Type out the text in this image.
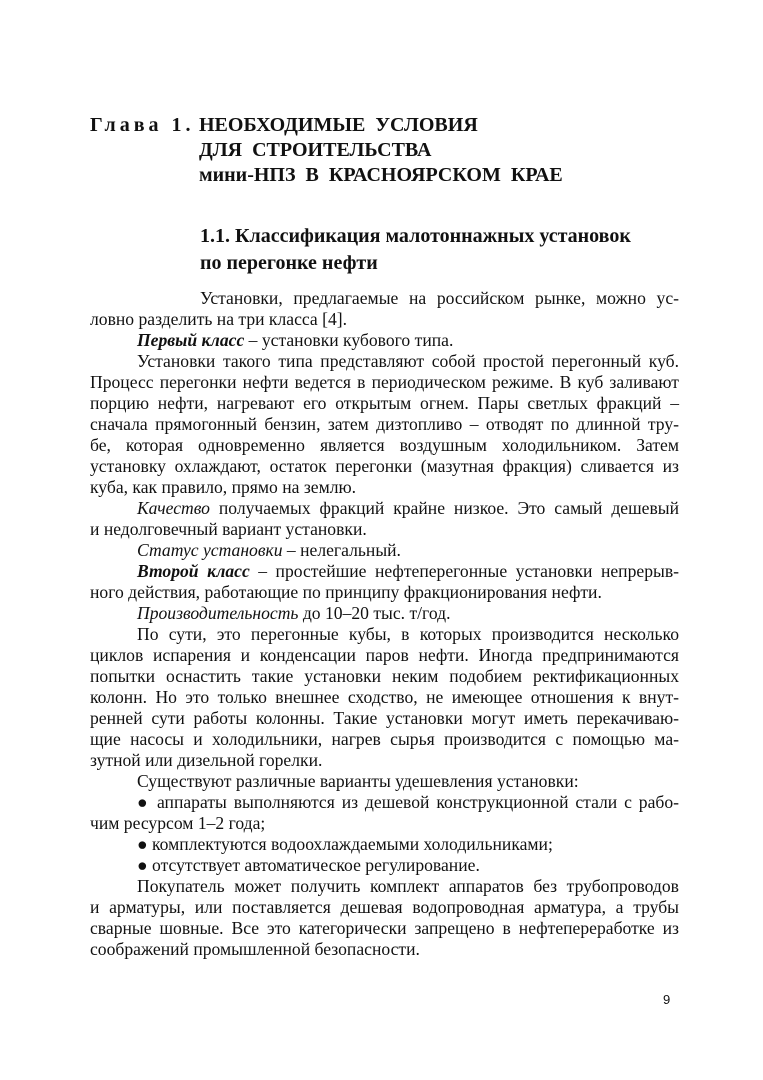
Глава 1. НЕОБХОДИМЫЕ  УСЛОВИЯ
ДЛЯ  СТРОИТЕЛЬСТВА
мини-НПЗ  В  КРАСНОЯРСКОМ  КРАЕ
1.1. Классификация малотоннажных установок
по перегонке нефти
Установки, предлагаемые на российском рынке, можно ус-
ловно разделить на три класса [4].
Первый класс – установки кубового типа.
Установки такого типа представляют собой простой перегонный куб.
Процесс перегонки нефти ведется в периодическом режиме. В куб заливают
порцию нефти, нагревают его открытым огнем. Пары светлых фракций –
сначала прямогонный бензин, затем дизтопливо – отводят по длинной тру-
бе, которая одновременно является воздушным холодильником. Затем
установку охлаждают, остаток перегонки (мазутная фракция) сливается из
куба, как правило, прямо на землю.
Качество получаемых фракций крайне низкое. Это самый дешевый
и недолговечный вариант установки.
Статус установки – нелегальный.
Второй класс – простейшие нефтеперегонные установки непрерыв-
ного действия, работающие по принципу фракционирования нефти.
Производительность до 10–20 тыс. т/год.
По сути, это перегонные кубы, в которых производится несколько
циклов испарения и конденсации паров нефти. Иногда предпринимаются
попытки оснастить такие установки неким подобием ректификационных
колонн. Но это только внешнее сходство, не имеющее отношения к внут-
ренней сути работы колонны. Такие установки могут иметь перекачиваю-
щие насосы и холодильники, нагрев сырья производится с помощью ма-
зутной или дизельной горелки.
Существуют различные варианты удешевления установки:
● аппараты выполняются из дешевой конструкционной стали с рабо-
чим ресурсом 1–2 года;
● комплектуются водоохлаждаемыми холодильниками;
● отсутствует автоматическое регулирование.
Покупатель может получить комплект аппаратов без трубопроводов
и арматуры, или поставляется дешевая водопроводная арматура, а трубы
сварные шовные. Все это категорически запрещено в нефтепереработке из
соображений промышленной безопасности.
9
